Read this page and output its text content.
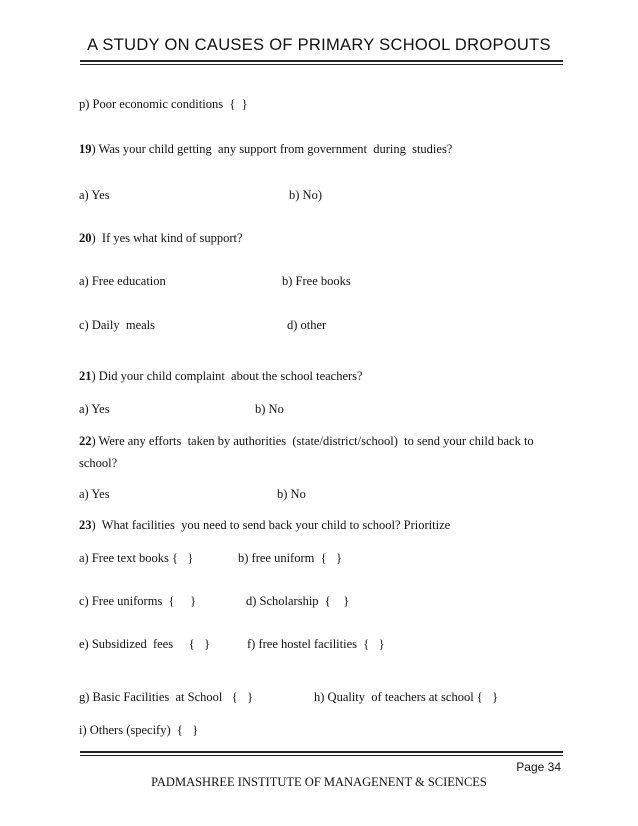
A STUDY ON CAUSES OF PRIMARY SCHOOL DROPOUTS
p) Poor economic conditions  {  }
19) Was your child getting  any support from government  during  studies?
a) Yes	b) No)
20)  If yes what kind of support?
a) Free education	b) Free books
c) Daily  meals	d) other
21) Did your child complaint  about the school teachers?
a) Yes	b) No
22) Were any efforts  taken by authorities  (state/district/school)  to send your child back to
school?
a) Yes	b) No
23)  What facilities  you need to send back your child to school? Prioritize
a) Free text books {   }	b) free uniform  {   }
c) Free uniforms  {     }	d) Scholarship  {    }
e) Subsidized  fees     {   }	f) free hostel facilities  {   }
g) Basic Facilities  at School   {   }	h) Quality  of teachers at school {   }
i) Others (specify)  {   }
Page 34
PADMASHREE INSTITUTE OF MANAGENENT & SCIENCES
